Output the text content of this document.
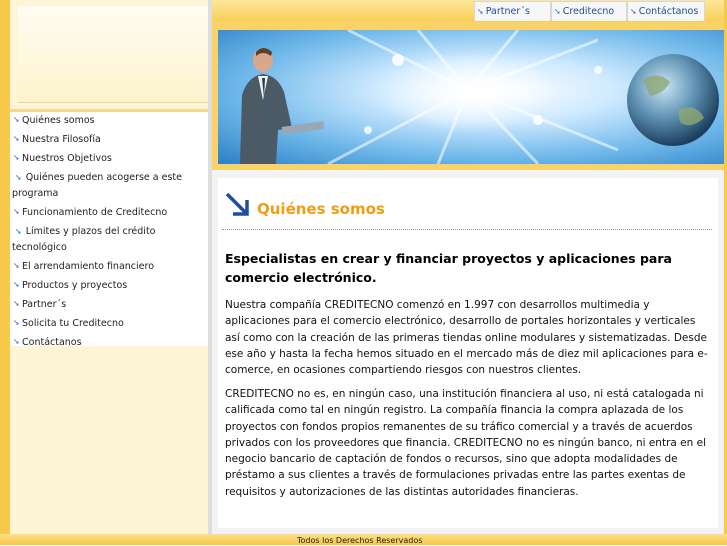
➘ Quiénes somos
➘ Nuestra Filosofía
➘ Nuestros Objetivos
➘ Quiénes pueden acogerse a este programa
➘ Funcionamiento de Creditecno
➘ Límites y plazos del crédito tecnológico
➘ El arrendamiento financiero
➘ Productos y proyectos
➘ Partner´s
➘ Solicita tu Creditecno
➘ Contáctanos
➘ Partner´s	➘ Creditecno	➘ Contáctanos
Quiénes somos
Especialistas en crear y financiar proyectos y aplicaciones para comercio electrónico.

Nuestra compañía CREDITECNO comenzó en 1.997 con desarrollos multimedia y aplicaciones para el comercio electrónico, desarrollo de portales horizontales y verticales así como con la creación de las primeras tiendas online modulares y sistematizadas. Desde ese año y hasta la fecha hemos situado en el mercado más de diez mil aplicaciones para e-comerce, en ocasiones compartiendo riesgos con nuestros clientes.

CREDITECNO no es, en ningún caso, una institución financiera al uso, ni está catalogada ni calificada como tal en ningún registro. La compañía financia la compra aplazada de los proyectos con fondos propios remanentes de su tráfico comercial y a través de acuerdos privados con los proveedores que financia. CREDITECNO no es ningún banco, ni entra en el negocio bancario de captación de fondos o recursos, sino que adopta modalidades de préstamo a sus clientes a través de formulaciones privadas entre las partes exentas de requisitos y autorizaciones de las distintas autoridades financieras.

Todos los Derechos Reservados
